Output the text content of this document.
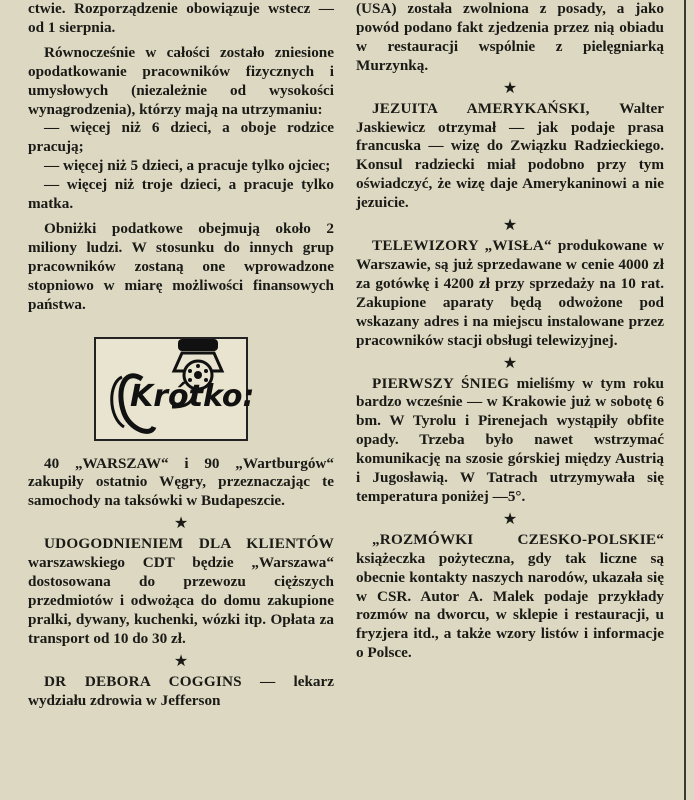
ctwie. Rozporządzenie obowiązuje wstecz — od 1 sierpnia.

Równocześnie w całości zostało zniesione opodatkowanie pracowników fizycznych i umysłowych (niezależnie od wysokości wynagrodzenia), którzy mają na utrzymaniu:

— więcej niż 6 dzieci, a oboje rodzice pracują;

— więcej niż 5 dzieci, a pracuje tylko ojciec;

— więcej niż troje dzieci, a pracuje tylko matka.

Obniżki podatkowe obejmują około 2 miliony ludzi. W stosunku do innych grup pracowników zostaną one wprowadzone stopniowo w miarę możliwości finansowych państwa.

Krótko:

40 „WARSZAW“ i 90 „Wartburgów“ zakupiły ostatnio Węgry, przeznaczając te samochody na taksówki w Budapeszcie.

★

UDOGODNIENIEM DLA KLIENTÓW warszawskiego CDT będzie „Warszawa“ dostosowana do przewozu cięższych przedmiotów i odwożąca do domu zakupione pralki, dywany, kuchenki, wózki itp. Opłata za transport od 10 do 30 zł.

★

DR DEBORA COGGINS — lekarz wydziału zdrowia w Jefferson

(USA) została zwolniona z posady, a jako powód podano fakt zjedzenia przez nią obiadu w restauracji wspólnie z pielęgniarką Murzynką.

★

JEZUITA AMERYKAŃSKI, Walter Jaskiewicz otrzymał — jak podaje prasa francuska — wizę do Związku Radzieckiego. Konsul radziecki miał podobno przy tym oświadczyć, że wizę daje Amerykaninowi a nie jezuicie.

★

TELEWIZORY „WISŁA“ produkowane w Warszawie, są już sprzedawane w cenie 4000 zł za gotówkę i 4200 zł przy sprzedaży na 10 rat. Zakupione aparaty będą odwożone pod wskazany adres i na miejscu instalowane przez pracowników stacji obsługi telewizyjnej.

★

PIERWSZY ŚNIEG mieliśmy w tym roku bardzo wcześnie — w Krakowie już w sobotę 6 bm. W Tyrolu i Pirenejach wystąpiły obfite opady. Trzeba było nawet wstrzymać komunikację na szosie górskiej między Austrią i Jugosławią. W Tatrach utrzymywała się temperatura poniżej —5°.

★

„ROZMÓWKI CZESKO-POLSKIE“ książeczka pożyteczna, gdy tak liczne są obecnie kontakty naszych narodów, ukazała się w CSR. Autor A. Malek podaje przykłady rozmów na dworcu, w sklepie i restauracji, u fryzjera itd., a także wzory listów i informacje o Polsce.
